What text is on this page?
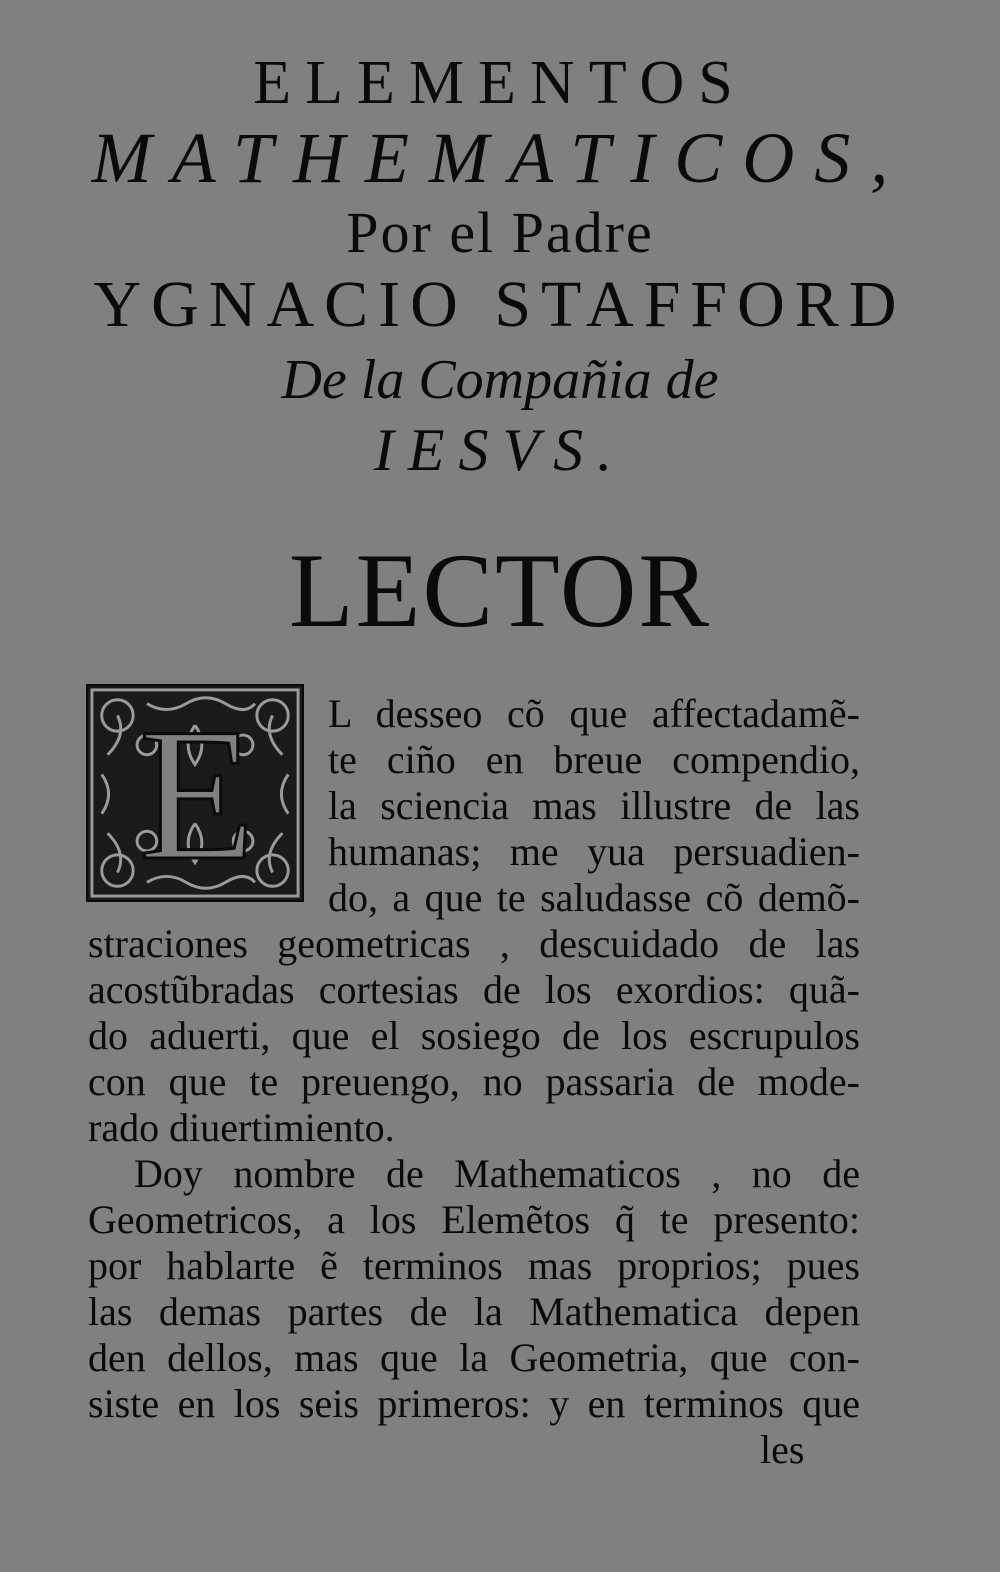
ELEMENTOS
MATHEMATICOS,
Por el Padre
YGNACIO STAFFORD
De la Compañia de
IESVS.
LECTOR
E	L desseo cõ que affectadamẽ-
te ciño en breue compendio,
la sciencia mas illustre de las
humanas; me yua persuadien-
do, a que te saludasse cõ demõ-
straciones geometricas , descuidado de las
acostũbradas cortesias de los exordios: quã-
do aduerti, que el sosiego de los escrupulos
con que te preuengo, no passaria de mode-
rado diuertimiento.
Doy nombre de Mathematicos , no de
Geometricos, a los Elemẽtos q̃ te presento:
por hablarte ẽ terminos mas proprios; pues
las demas partes de la Mathematica depen
den dellos, mas que la Geometria, que con-
siste en los seis primeros: y en terminos que
les
